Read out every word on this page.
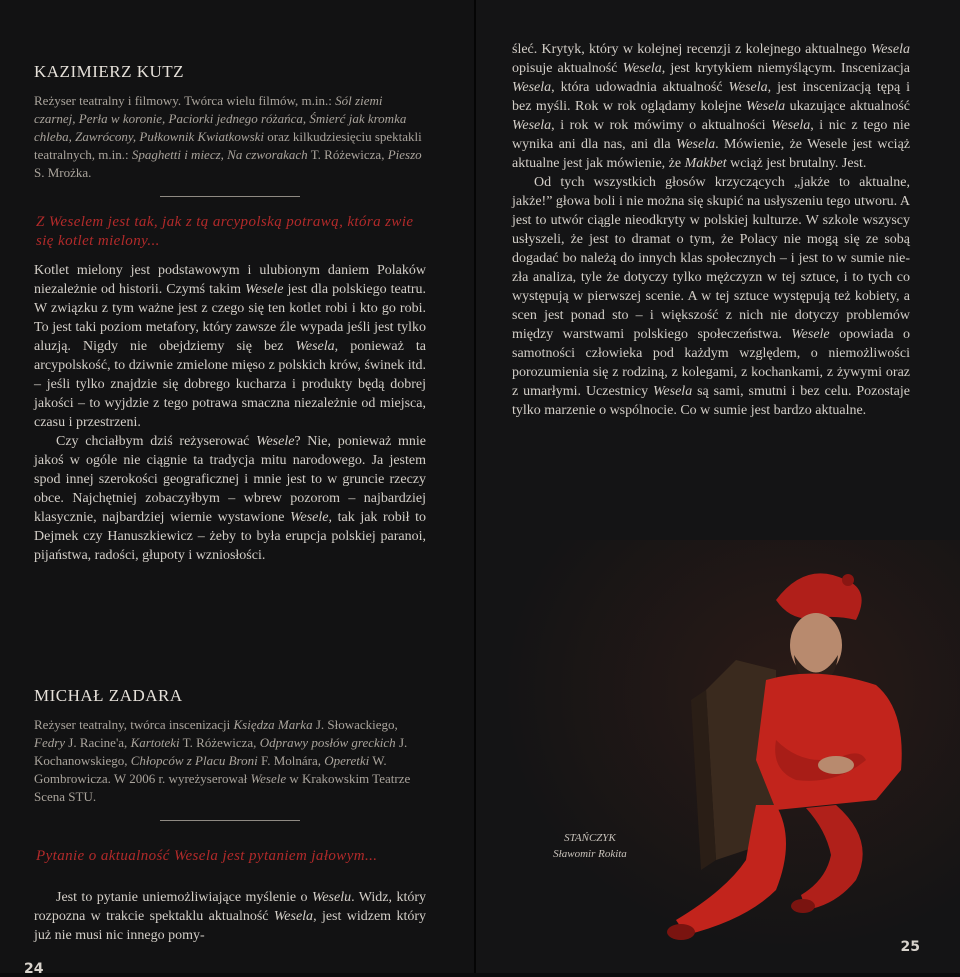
KAZIMIERZ KUTZ
Reżyser teatralny i filmowy. Twórca wielu filmów, m.in.: Sól ziemi czarnej, Perła w koronie, Paciorki jednego różańca, Śmierć jak kromka chleba, Zawrócony, Pułkownik Kwiatkowski oraz kilkudziesięciu spektakli teatralnych, m.in.: Spaghetti i miecz, Na czworakach T. Różewicza, Pieszo S. Mrożka.
Z Weselem jest tak, jak z tą arcypolską potrawą, która zwie się kotlet mielony...

Kotlet mielony jest podstawowym i ulubionym daniem Polaków niezależnie od historii. Czymś takim Wesele jest dla polskiego teatru. W związku z tym ważne jest z czego się ten kotlet robi i kto go robi. To jest taki poziom metafory, który zawsze źle wypada jeśli jest tylko aluzją. Nigdy nie obejdziemy się bez Wesela, ponieważ ta arcypolskość, to dziwnie zmielone mięso z polskich krów, świnek itd. – jeśli tylko znajdzie się dobrego kucharza i produkty będą dobrej jakości – to wyjdzie z tego potrawa smacznа niezależnie od miejsca, czasu i przestrzeni.

Czy chciałbym dziś reżyserować Wesele? Nie, ponieważ mnie jakoś w ogóle nie ciągnie ta tradycja mitu narodowego. Ja jestem spod innej szerokości geograficznej i mnie jest to w gruncie rzeczy obce. Najchętniej zobaczyłbym – wbrew pozorom – najbardziej klasycznie, najbardziej wiernie wystawione Wesele, tak jak robił to Dejmek czy Hanuszkiewicz – żeby to była erupcja polskiej paranoi, pijaństwa, radości, głupoty i wzniosłości.

MICHAŁ ZADARA
Reżyser teatralny, twórca inscenizacji Księdza Marka J. Słowackiego, Fedry J. Racine'a, Kartoteki T. Różewicza, Odprawy posłów greckich J. Kochanowskiego, Chłopców z Placu Broni F. Molnára, Operetki W. Gombrowicza. W 2006 r. wyreżyserował Wesele w Krakowskim Teatrze Scena STU.
Pytanie o aktualność Wesela jest pytaniem jałowym...

Jest to pytanie uniemożliwiające myślenie o Weselu. Widz, który rozpozna w trakcie spektaklu aktualność Wesela, jest widzem który już nie musi nic innego pomy-

24

śleć. Krytyk, który w kolejnej recenzji z kolejnego aktualnego Wesela opisuje aktualność Wesela, jest krytykiem niemyślącym. Inscenizacja Wesela, która udowadnia aktualność Wesela, jest inscenizacją tępą i bez myśli. Rok w rok oglądamy kolejne Wesela ukazujące aktualność Wesela, i rok w rok mówimy o aktualności Wesela, i nic z tego nie wynika ani dla nas, ani dla Wesela. Mówienie, że Wesele jest wciąż aktualne jest jak mówienie, że Makbet wciąż jest brutalny. Jest.

Od tych wszystkich głosów krzyczących „jakże to aktualne, jakże!” głowa boli i nie można się skupić na usłyszeniu tego utworu. A jest to utwór ciągle nieodkryty w polskiej kulturze. W szkole wszyscy usłyszeli, że jest to dramat o tym, że Polacy nie mogą się ze sobą dogadać bo należą do innych klas społecznych – i jest to w sumie nie-zła analiza, tyle że dotyczy tylko mężczyzn w tej sztuce, i to tych co występują w pierwszej scenie. A w tej sztuce występują też kobiety, a scen jest ponad sto – i większość z nich nie dotyczy problemów między warstwami polskiego społeczeństwa. Wesele opowiada o samotności człowieka pod każdym względem, o niemożliwości porozumienia się z rodziną, z kolegami, z kochankami, z żywymi oraz z umarłymi. Uczestnicy Wesela są sami, smutni i bez celu. Pozostaje tylko marzenie o wspólnocie. Co w sumie jest bardzo aktualne.

STAŃCZYK
Sławomir Rokita
25
